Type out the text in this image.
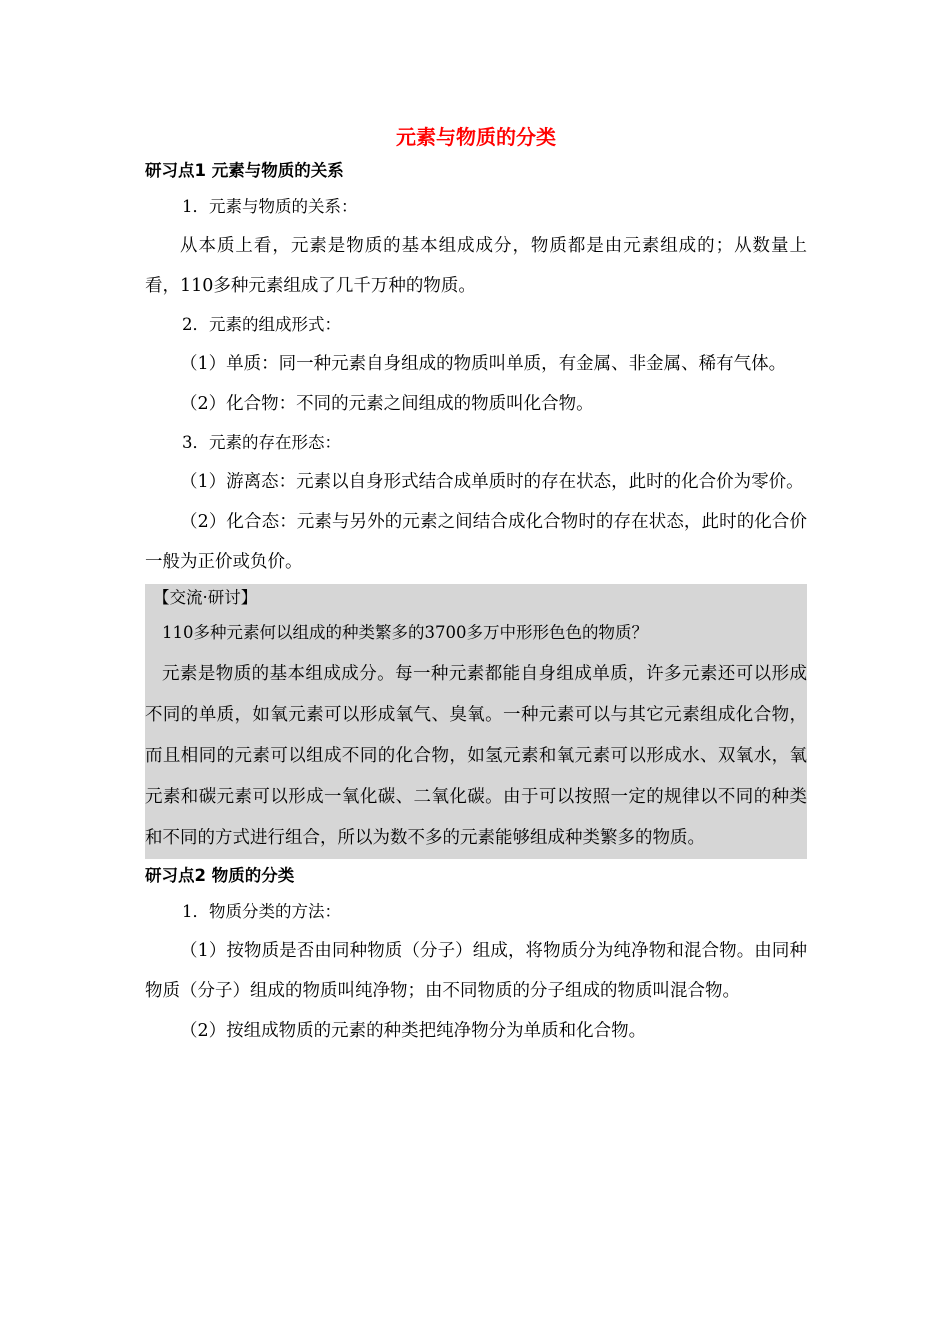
元素与物质的分类
研习点1 元素与物质的关系

1．元素与物质的关系：

从本质上看，元素是物质的基本组成成分，物质都是由元素组成的；从数量上看，110多种元素组成了几千万种的物质。

2．元素的组成形式：

（1）单质：同一种元素自身组成的物质叫单质，有金属、非金属、稀有气体。

（2）化合物：不同的元素之间组成的物质叫化合物。

3．元素的存在形态：

（1）游离态：元素以自身形式结合成单质时的存在状态，此时的化合价为零价。

（2）化合态：元素与另外的元素之间结合成化合物时的存在状态，此时的化合价一般为正价或负价。

【交流·研讨】

110多种元素何以组成的种类繁多的3700多万中形形色色的物质？

元素是物质的基本组成成分。每一种元素都能自身组成单质，许多元素还可以形成不同的单质，如氧元素可以形成氧气、臭氧。一种元素可以与其它元素组成化合物，而且相同的元素可以组成不同的化合物，如氢元素和氧元素可以形成水、双氧水，氧元素和碳元素可以形成一氧化碳、二氧化碳。由于可以按照一定的规律以不同的种类和不同的方式进行组合，所以为数不多的元素能够组成种类繁多的物质。

研习点2 物质的分类

1．物质分类的方法：

（1）按物质是否由同种物质（分子）组成，将物质分为纯净物和混合物。由同种物质（分子）组成的物质叫纯净物；由不同物质的分子组成的物质叫混合物。

（2）按组成物质的元素的种类把纯净物分为单质和化合物。
